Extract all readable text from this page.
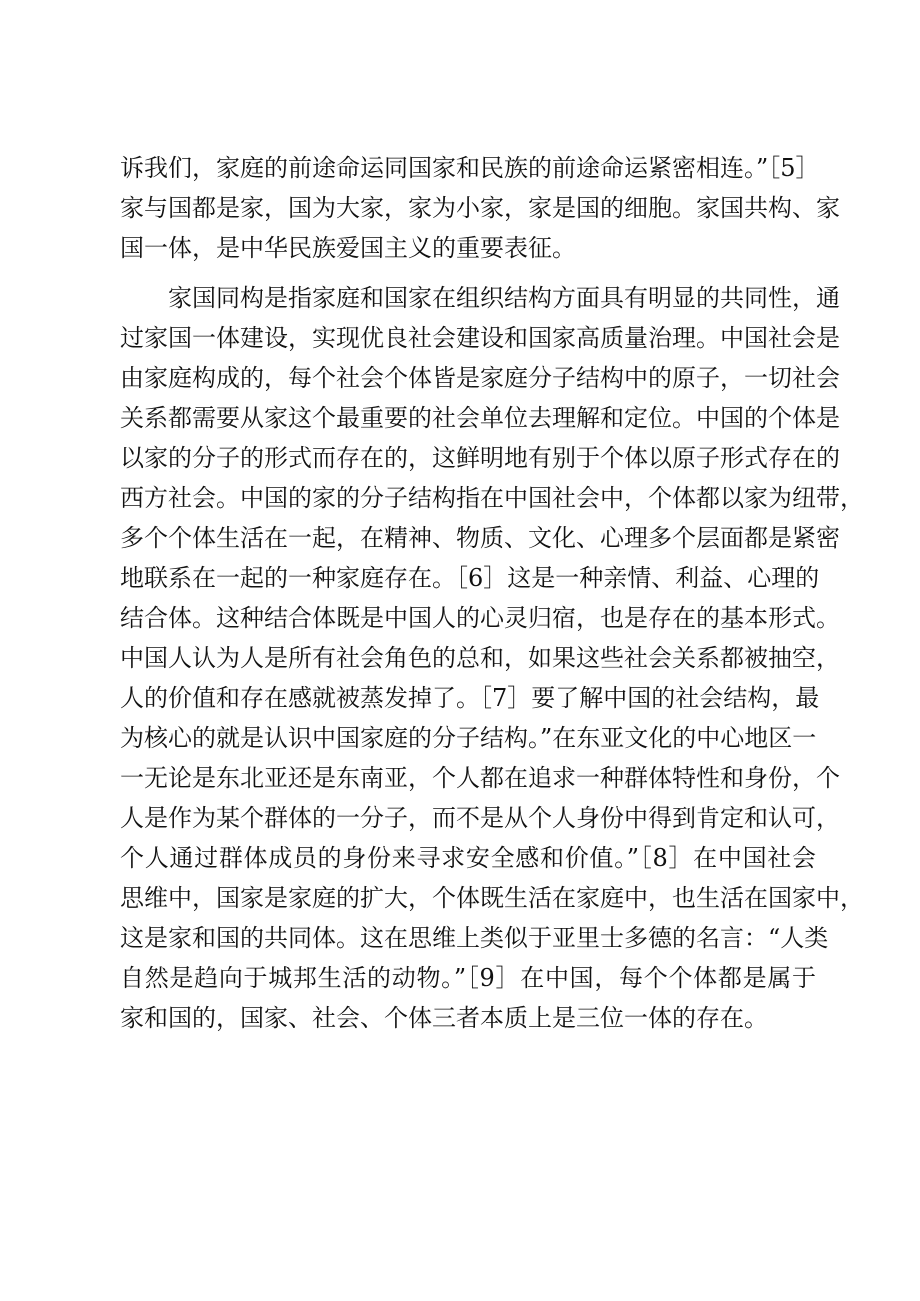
诉我们，家庭的前途命运同国家和民族的前途命运紧密相连。”［5］
家与国都是家，国为大家，家为小家，家是国的细胞。家国共构、家
国一体，是中华民族爱国主义的重要表征。
家国同构是指家庭和国家在组织结构方面具有明显的共同性，通
过家国一体建设，实现优良社会建设和国家高质量治理。中国社会是
由家庭构成的，每个社会个体皆是家庭分子结构中的原子，一切社会
关系都需要从家这个最重要的社会单位去理解和定位。中国的个体是
以家的分子的形式而存在的，这鲜明地有别于个体以原子形式存在的
西方社会。中国的家的分子结构指在中国社会中，个体都以家为纽带，
多个个体生活在一起，在精神、物质、文化、心理多个层面都是紧密
地联系在一起的一种家庭存在。［6］这是一种亲情、利益、心理的
结合体。这种结合体既是中国人的心灵归宿，也是存在的基本形式。
中国人认为人是所有社会角色的总和，如果这些社会关系都被抽空，
人的价值和存在感就被蒸发掉了。［7］要了解中国的社会结构，最
为核心的就是认识中国家庭的分子结构。”在东亚文化的中心地区一
一无论是东北亚还是东南亚，个人都在追求一种群体特性和身份，个
人是作为某个群体的一分子，而不是从个人身份中得到肯定和认可，
个人通过群体成员的身份来寻求安全感和价值。”［8］在中国社会
思维中，国家是家庭的扩大，个体既生活在家庭中，也生活在国家中，
这是家和国的共同体。这在思维上类似于亚里士多德的名言：“人类
自然是趋向于城邦生活的动物。”［9］在中国，每个个体都是属于
家和国的，国家、社会、个体三者本质上是三位一体的存在。
